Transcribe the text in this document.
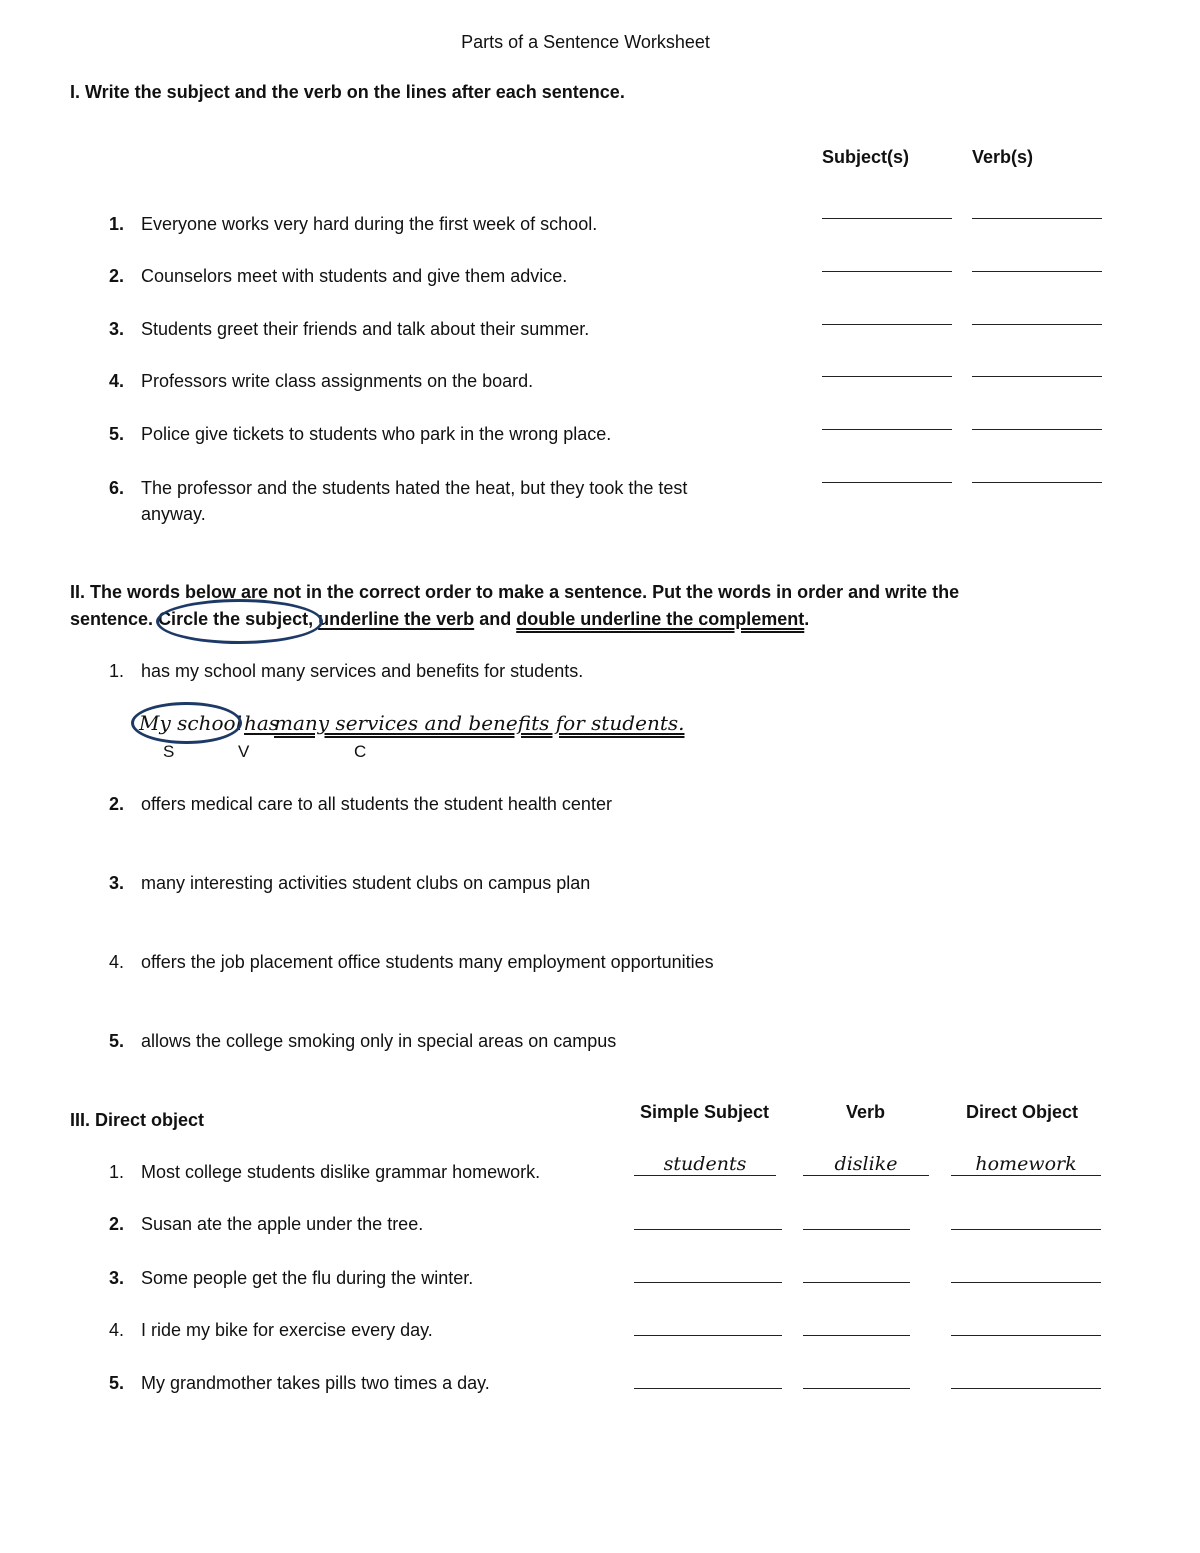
Parts of a Sentence Worksheet
I. Write the subject and the verb on the lines after each sentence.
Subject(s)	Verb(s)
1. Everyone works very hard during the first week of school.
2. Counselors meet with students and give them advice.
3. Students greet their friends and talk about their summer.
4. Professors write class assignments on the board.
5. Police give tickets to students who park in the wrong place.
6. The professor and the students hated the heat, but they took the test
anyway.
II. The words below are not in the correct order to make a sentence. Put the words in order and write the
sentence. Circle the subject, underline the verb and double underline the complement.
1. has my school many services and benefits for students.
My school has
many services and benefits for students.
S	V	C
2. offers medical care to all students the student health center
3. many interesting activities student clubs on campus plan
4. offers the job placement office students many employment opportunities
5. allows the college smoking only in special areas on campus
III. Direct object	Simple Subject	Verb	Direct Object
1. Most college students dislike grammar homework.	students	dislike	homework
2. Susan ate the apple under the tree.
3. Some people get the flu during the winter.
4. I ride my bike for exercise every day.
5. My grandmother takes pills two times a day.
